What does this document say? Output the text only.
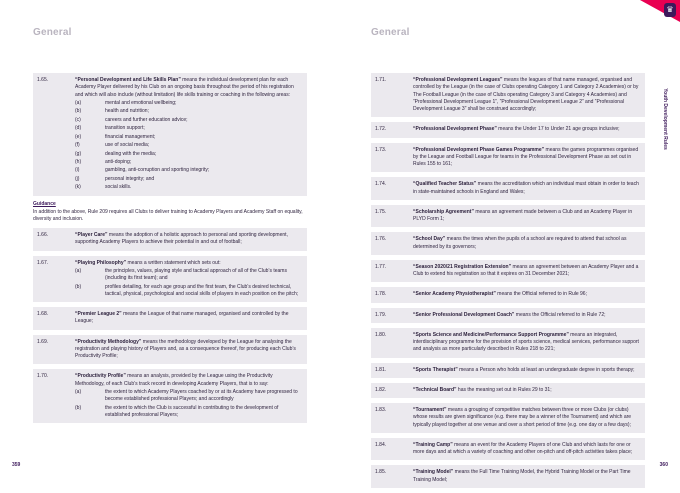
♛
General	General
Youth Development Rules
1.65.	“Personal Development and Life Skills Plan” means the individual development plan for each Academy Player delivered by his Club on an ongoing basis throughout the period of his registration and which will also include (without limitation) life skills training or coaching in the following areas:
(a)	mental and emotional wellbeing;
(b)	health and nutrition;
(c)	careers and further education advice;
(d)	transition support;
(e)	financial management;
(f)	use of social media;
(g)	dealing with the media;
(h)	anti-doping;
(i)	gambling, anti-corruption and sporting integrity;
(j)	personal integrity; and
(k)	social skills.
Guidance
In addition to the above, Rule 209 requires all Clubs to deliver training to Academy Players and Academy Staff on equality, diversity and inclusion.
1.66.	“Player Care” means the adoption of a holistic approach to personal and sporting development, supporting Academy Players to achieve their potential in and out of football;
1.67.	“Playing Philosophy” means a written statement which sets out:
(a)	the principles, values, playing style and tactical approach of all of the Club’s teams (including its first team); and
(b)	profiles detailing, for each age group and the first team, the Club’s desired technical, tactical, physical, psychological and social skills of players in each position on the pitch;
1.68.	“Premier League 2” means the League of that name managed, organised and controlled by the League;
1.69.	“Productivity Methodology” means the methodology developed by the League for analysing the registration and playing history of Players and, as a consequence thereof, for producing each Club’s Productivity Profile;
1.70.	“Productivity Profile” means an analysis, provided by the League using the Productivity Methodology, of each Club’s track record in developing Academy Players, that is to say:
(a)	the extent to which Academy Players coached by or at its Academy have progressed to become established professional Players; and accordingly
(b)	the extent to which the Club is successful in contributing to the development of established professional Players;
1.71.	“Professional Development Leagues” means the leagues of that name managed, organised and controlled by the League (in the case of Clubs operating Category 1 and Category 2 Academies) or by The Football League (in the case of Clubs operating Category 3 and Category 4 Academies) and “Professional Development League 1”, “Professional Development League 2” and “Professional Development League 3” shall be construed accordingly;
1.72.	“Professional Development Phase” means the Under 17 to Under 21 age groups inclusive;
1.73.	“Professional Development Phase Games Programme” means the games programmes organised by the League and Football League for teams in the Professional Development Phase as set out in Rules 155 to 161;
1.74.	“Qualified Teacher Status” means the accreditation which an individual must obtain in order to teach in state-maintained schools in England and Wales;
1.75.	“Scholarship Agreement” means an agreement made between a Club and an Academy Player in PLYD Form 1;
1.76.	“School Day” means the times when the pupils of a school are required to attend that school as determined by its governors;
1.77.	“Season 2020/21 Registration Extension” means an agreement between an Academy Player and a Club to extend his registration so that it expires on 31 December 2021;
1.78.	“Senior Academy Physiotherapist” means the Official referred to in Rule 96;
1.79.	“Senior Professional Development Coach” means the Official referred to in Rule 72;
1.80.	“Sports Science and Medicine/Performance Support Programme” means an integrated, interdisciplinary programme for the provision of sports science, medical services, performance support and analysis as more particularly described in Rules 218 to 221;
1.81.	“Sports Therapist” means a Person who holds at least an undergraduate degree in sports therapy;
1.82.	“Technical Board” has the meaning set out in Rules 29 to 31;
1.83.	“Tournament” means a grouping of competitive matches between three or more Clubs (or clubs) whose results are given significance (e.g. there may be a winner of the Tournament) and which are typically played together at one venue and over a short period of time (e.g. one day or a few days);
1.84.	“Training Camp” means an event for the Academy Players of one Club and which lasts for one or more days and at which a variety of coaching and other on-pitch and off-pitch activities takes place;
1.85.	“Training Model” means the Full Time Training Model, the Hybrid Training Model or the Part Time Training Model;
359	360
